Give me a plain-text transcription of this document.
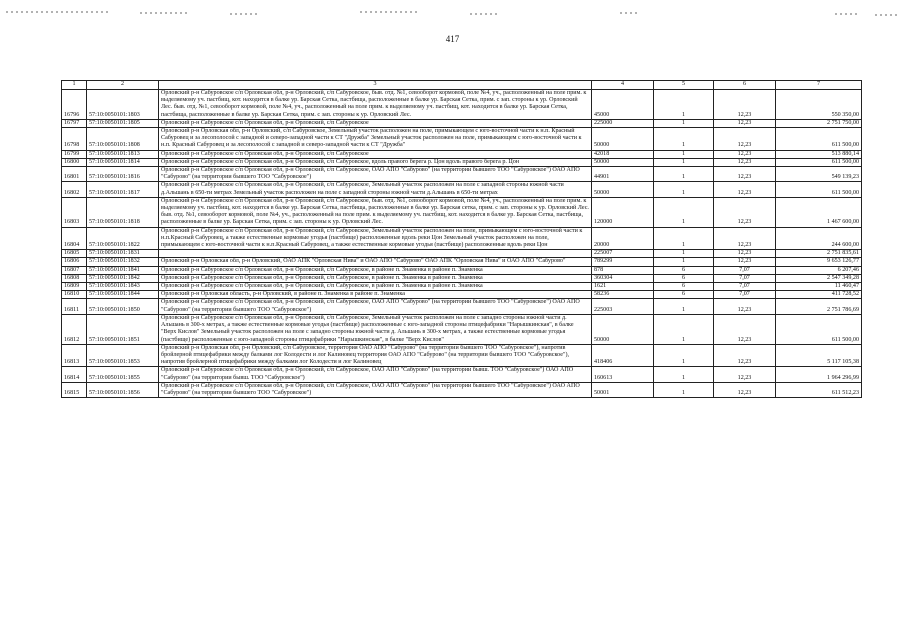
417
1	2	3	4	5	6	7
16796	57:10:0050101:1803	Орловский р-н Сабуровское с/п Орловская обл, р-н Орловский, с/п Сабуровское, быв. отд. №1, севооборот кормовой, поле №4, уч., расположенный на поле прим. к выделяемому уч. пастбищ, кот. находится в балке ур. Барская Сетка, пастбища, расположенные в балке ур. Барская Сетка, прим. с зап. стороны к ур. Орловский Лес. быв. отд. №1, севооборот кормовой, поле №4, уч., расположенный на поле прим. к выделяемому уч. пастбищ, кот. находится в балке ур. Барская Сетка, пастбища, расположенные в балке ур. Барская Сетка, прим. с зап. стороны к ур. Орловский Лес.	45000	1	12,23	550 350,00
16797	57:10:0050101:1805	Орловский р-н Сабуровское с/п Орловская обл, р-н Орловский, с/п Сабуровское	225000	1	12,23	2 751 750,00
16798	57:10:0050101:1808	Орловский р-н Орловская обл, р-н Орловский, с/п Сабуровское, Земельный участок расположен на поле, примыкающем с юго-восточной части к н.п. Красный Сабуровец и за лесополосой с западной и северо-западной части к СТ "Дружба" Земельный участок расположен на поле, примыкающем с юго-восточной части к н.п. Красный Сабуровец и за лесополосой с западной и северо-западной части к СТ "Дружба"	50000	1	12,23	611 500,00
16799	57:10:0050101:1813	Орловский р-н Сабуровское с/п Орловская обл, р-н Орловский, с/п Сабуровское	42018	1	12,23	513 880,14
16800	57:10:0050101:1814	Орловский р-н Сабуровское с/п Орловская обл, р-н Орловский, с/п Сабуровское, вдоль правого берега р. Цон вдоль правого берега р. Цон	50000	1	12,23	611 500,00
16801	57:10:0050101:1816	Орловский р-н Сабуровское с/п Орловская обл, р-н Орловский, с/п Сабуровское, ОАО АПО "Сабурово" (на территории бывшего ТОО "Сабуровское") ОАО АПО "Сабурово" (на территории бывшего ТОО "Сабуровское")	44901	1	12,23	549 139,23
16802	57:10:0050101:1817	Орловский р-н Сабуровское с/п Орловская обл, р-н Орловский, с/п Сабуровское, Земельный участок расположен на поле с западной стороны южной части д.Альшань в 650-ти метрах Земельный участок расположен на поле с западной стороны южной части д.Альшань в 650-ти метрах	50000	1	12,23	611 500,00
16803	57:10:0050101:1818	Орловский р-н Сабуровское с/п Орловская обл, р-н Орловский, с/п Сабуровское, быв. отд. №1, севооборот кормовой, поле №4, уч., расположенный на поле прим. к выделяемому уч. пастбищ, кот. находится в балке ур. Барская Сетка, пастбища, расположенные в балке ур. Барская сетка, прим. с зап. стороны к ур. Орловский Лес. быв. отд. №1, севооборот кормовой, поле №4, уч., расположенный на поле прим. к выделяемому уч. пастбищ, кот. находится в балке ур. Барская Сетка, пастбища, расположенные в балке ур. Барская Сетка, прим. с зап. стороны к ур. Орловский Лес.	120000	1	12,23	1 467 600,00
16804	57:10:0050101:1822	Орловский р-н Сабуровское с/п Орловская обл, р-н Орловский, с/п Сабуровское, Земельный участок расположен на поле, примыкающем с юго-восточной части к н.п.Красный Сабуровец, а также естественные кормовые угодья (пастбище) расположенные вдоль реки Цон Земельный участок расположен на поле, примыкающем с юго-восточной части к н.п.Красный Сабуровец, а также естественные кормовые угодья (пастбище) расположенные вдоль реки Цон	20000	1	12,23	244 600,00
16805	57:10:0050101:1831		225007	1	12,23	2 751 835,61
16806	57:10:0050101:1832	Орловский р-н Орловская обл, р-н Орловский, ОАО АПК "Орловская Нива" и ОАО АПО "Сабурово" ОАО АПК "Орловская Нива" и ОАО АПО "Сабурово"	789299	1	12,23	9 653 126,77
16807	57:10:0050101:1841	Орловский р-н Сабуровское с/п Орловская обл, р-н Орловский, с/п Сабуровское, в районе п. Знаменка в районе п. Знаменка	878	6	7,07	6 207,46
16808	57:10:0050101:1842	Орловский р-н Сабуровское с/п Орловская обл, р-н Орловский, с/п Сабуровское, в районе п. Знаменка в районе п. Знаменка	360304	6	7,07	2 547 349,28
16809	57:10:0050101:1843	Орловский р-н Сабуровское с/п Орловская обл, р-н Орловский, с/п Сабуровское, в районе п. Знаменка в районе п. Знаменка	1621	6	7,07	11 460,47
16810	57:10:0050101:1844	Орловский р-н Орловская область, р-н Орловский, в районе п. Знаменка в районе п. Знаменка	58236	6	7,07	411 728,52
16811	57:10:0050101:1850	Орловский р-н Сабуровское с/п Орловская обл, р-н Орловский, с/п Сабуровское, ОАО АПО "Сабурово" (на территории бывшего ТОО "Сабуровское") ОАО АПО "Сабурово" (на территории бывшего ТОО "Сабуровское")	225003	1	12,23	2 751 786,69
16812	57:10:0050101:1851	Орловский р-н Сабуровское с/п Орловская обл, р-н Орловский, с/п Сабуровское, Земельный участок расположен на поле с западно стороны южной части д. Альшань в 300-х метрах, а также естественные кормовые угодья (пастбище) расположенные с юго-западной стороны птицефабрики "Нарышкинская", в балке "Верх Кислов" Земельный участок расположен на поле с западно стороны южной части д. Альшань в 300-х метрах, а также естественные кормовые угодья (пастбище) расположенные с юго-западной стороны птицефабрики "Нарышкинская", в балке "Верх Кислов"	50000	1	12,23	611 500,00
16813	57:10:0050101:1853	Орловский р-н Орловская обл, р-н Орловский, с/п Сабуровское, территория ОАО АПО "Сабурово" (на территории бывшего ТОО "Сабуровское"), напротив бройлерной птицефабрики между балками лог Колодести и лог Калиновец территория ОАО АПО "Сабурово" (на территории бывшего ТОО "Сабуровское"), напротив бройлерной птицефабрики между балками лог Колодести и лог Калиновец	418406	1	12,23	5 117 105,38
16814	57:10:0050101:1855	Орловский р-н Сабуровское с/п Орловская обл, р-н Орловский, с/п Сабуровское, ОАО АПО "Сабурово" (на территории бывш. ТОО "Сабуровское") ОАО АПО "Сабурово" (на территории бывш. ТОО "Сабуровское")	160613	1	12,23	1 964 296,99
16815	57:10:0050101:1856	Орловский р-н Сабуровское с/п Орловская обл, р-н Орловский, с/п Сабуровское, ОАО АПО "Сабурово" (на территории бывшего ТОО "Сабуровское") ОАО АПО "Сабурово" (на территории бывшего ТОО "Сабуровское")	50001	1	12,23	611 512,23
